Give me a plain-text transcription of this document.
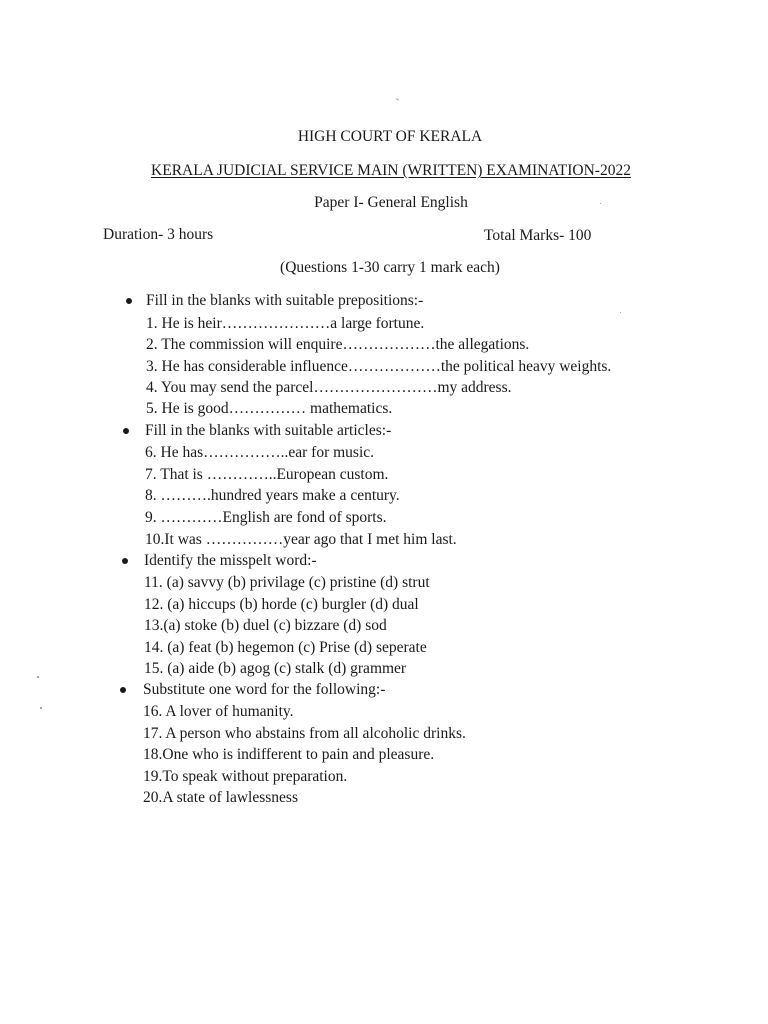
HIGH COURT OF KERALA
KERALA JUDICIAL SERVICE MAIN (WRITTEN) EXAMINATION-2022
Paper I- General English
Duration- 3 hours	Total Marks- 100
(Questions 1-30 carry 1 mark each)
Fill in the blanks with suitable prepositions:-
1. He is heir…………………a large fortune.
2. The commission will enquire………………the allegations.
3. He has considerable influence………………the political heavy weights.
4. You may send the parcel……………………my address.
5. He is good…………… mathematics.
Fill in the blanks with suitable articles:-
6. He has……………..ear for music.
7. That is …………..European custom.
8. ……….hundred years make a century.
9. …………English are fond of sports.
10.It was ……………year ago that I met him last.
Identify the misspelt word:-
11. (a) savvy (b) privilage (c) pristine (d) strut
12. (a) hiccups (b) horde (c) burgler (d) dual
13.(a) stoke (b) duel (c) bizzare (d) sod
14. (a) feat (b) hegemon (c) Prise (d) seperate
15. (a) aide (b) agog (c) stalk (d) grammer
Substitute one word for the following:-
16. A lover of humanity.
17. A person who abstains from all alcoholic drinks.
18.One who is indifferent to pain and pleasure.
19.To speak without preparation.
20.A state of lawlessness
